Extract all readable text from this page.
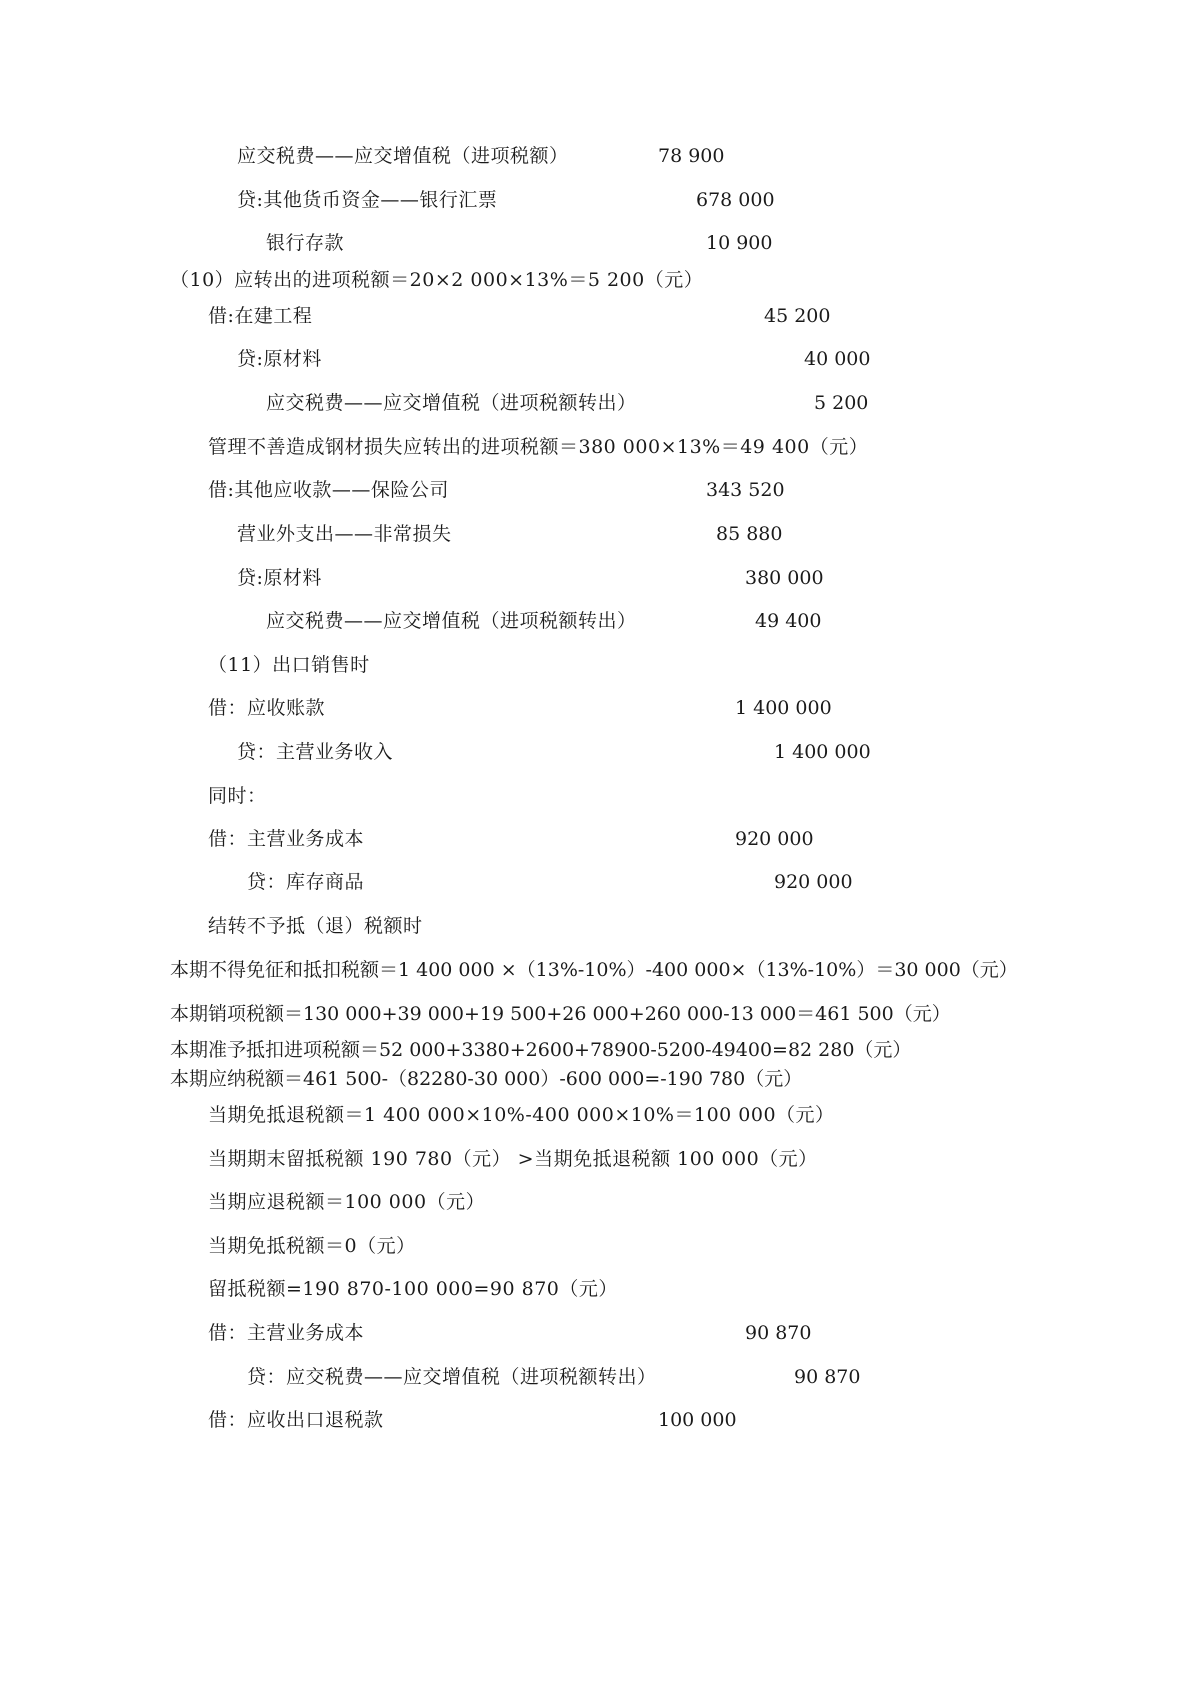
应交税费——应交增值税（进项税额）	78 900
贷:其他货币资金——银行汇票	678 000
银行存款	10 900
（10）应转出的进项税额＝20×2 000×13%＝5 200（元）
借:在建工程	45 200
贷:原材料	40 000
应交税费——应交增值税（进项税额转出）	5 200
管理不善造成钢材损失应转出的进项税额＝380 000×13%＝49 400（元）
借:其他应收款——保险公司	343 520
营业外支出——非常损失	85 880
贷:原材料	380 000
应交税费——应交增值税（进项税额转出）	49 400
（11）出口销售时
借：应收账款	1 400 000
贷：主营业务收入	1 400 000
同时：
借：主营业务成本	920 000
贷：库存商品	920 000
结转不予抵（退）税额时
本期不得免征和抵扣税额＝1 400 000 ×（13%-10%）-400 000×（13%-10%）＝30 000（元）
本期销项税额＝130 000+39 000+19 500+26 000+260 000-13 000＝461 500（元）
本期准予抵扣进项税额＝52 000+3380+2600+78900-5200-49400=82 280（元）
本期应纳税额＝461 500-（82280-30 000）-600 000=-190 780（元）
当期免抵退税额＝1 400 000×10%-400 000×10%＝100 000（元）
当期期末留抵税额 190 780（元） >当期免抵退税额 100 000（元）
当期应退税额＝100 000（元）
当期免抵税额＝0（元）
留抵税额=190 870-100 000=90 870（元）
借：主营业务成本	90 870
贷：应交税费——应交增值税（进项税额转出）	90 870
借：应收出口退税款	100 000
